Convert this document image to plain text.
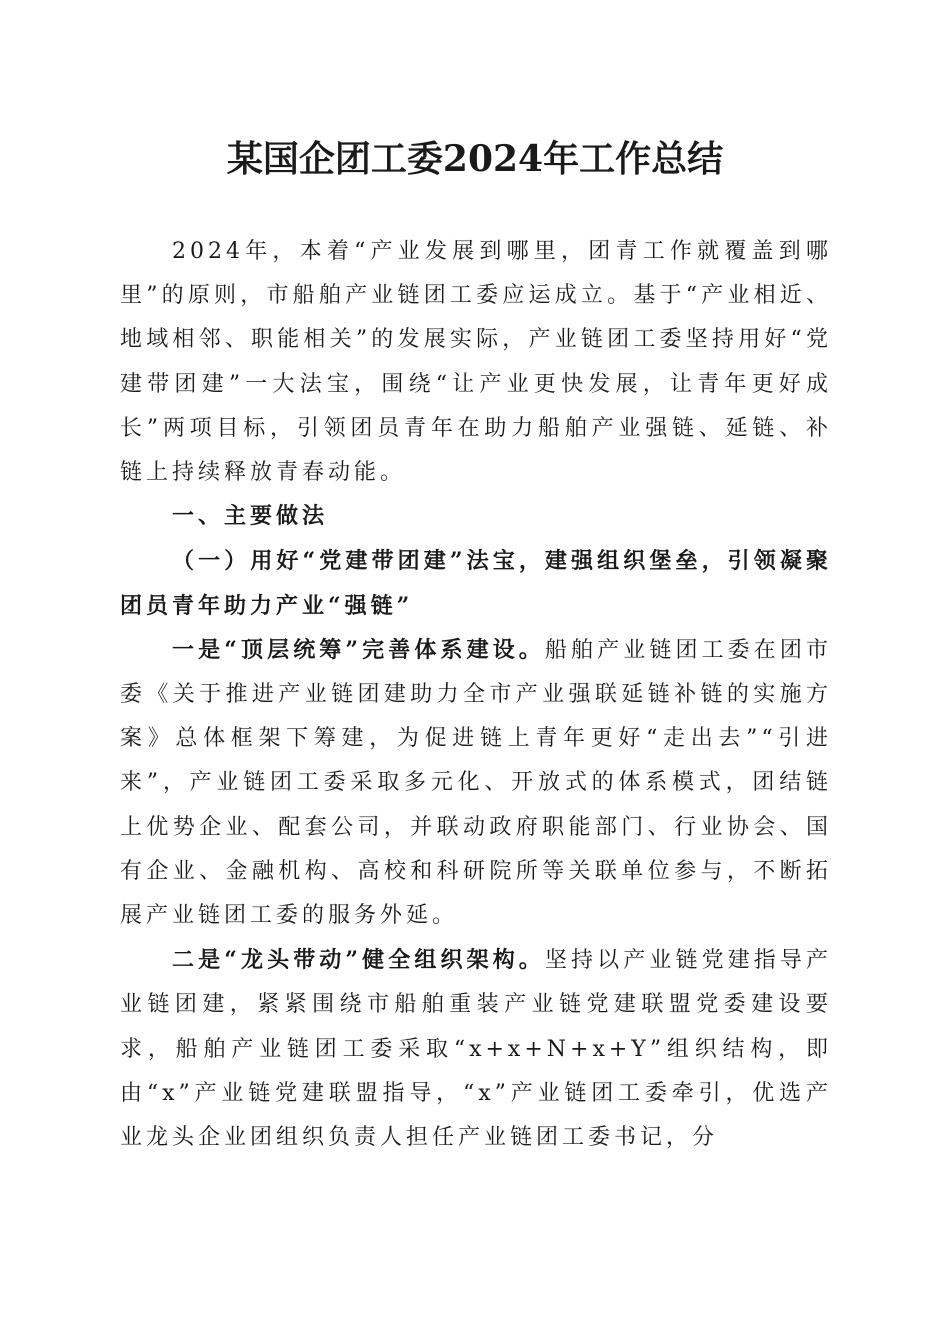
某国企团工委2024年工作总结

2024年，本着“产业发展到哪里，团青工作就覆盖到哪里”的原则，市船舶产业链团工委应运成立。基于“产业相近、地域相邻、职能相关”的发展实际，产业链团工委坚持用好“党建带团建”一大法宝，围绕“让产业更快发展，让青年更好成长”两项目标，引领团员青年在助力船舶产业强链、延链、补链上持续释放青春动能。

一、主要做法

（一）用好“党建带团建”法宝，建强组织堡垒，引领凝聚团员青年助力产业“强链”

一是“顶层统筹”完善体系建设。船舶产业链团工委在团市委《关于推进产业链团建助力全市产业强联延链补链的实施方案》总体框架下筹建，为促进链上青年更好“走出去”“引进来”，产业链团工委采取多元化、开放式的体系模式，团结链上优势企业、配套公司，并联动政府职能部门、行业协会、国有企业、金融机构、高校和科研院所等关联单位参与，不断拓展产业链团工委的服务外延。

二是“龙头带动”健全组织架构。坚持以产业链党建指导产业链团建，紧紧围绕市船舶重装产业链党建联盟党委建设要求，船舶产业链团工委采取“x+x+N+x+Y”组织结构，即由“x”产业链党建联盟指导，“x”产业链团工委牵引，优选产业龙头企业团组织负责人担任产业链团工委书记，分
